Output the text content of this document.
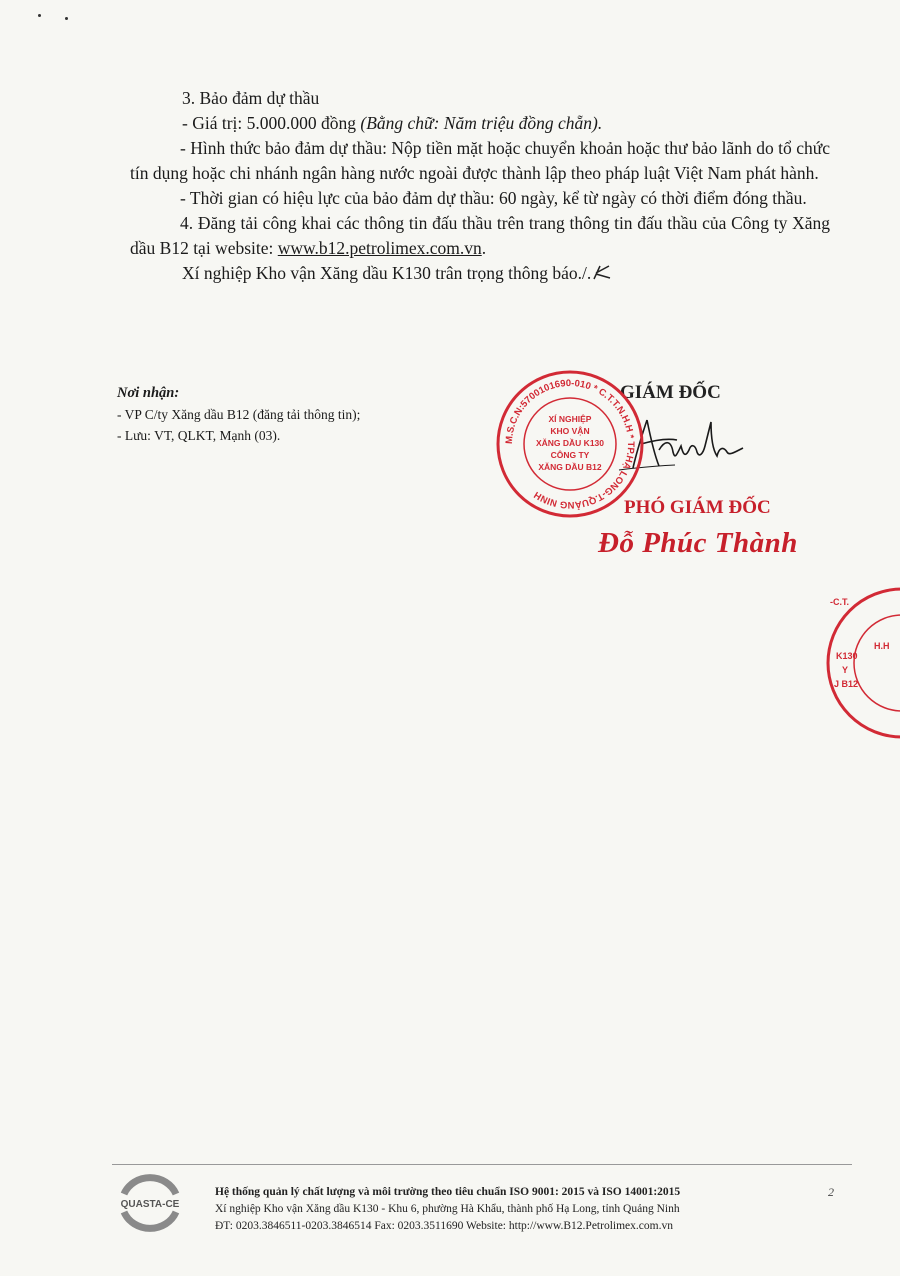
3. Bảo đảm dự thầu

- Giá trị: 5.000.000 đồng (Bằng chữ: Năm triệu đồng chẵn).

- Hình thức bảo đảm dự thầu: Nộp tiền mặt hoặc chuyển khoản hoặc thư bảo lãnh do tổ chức tín dụng hoặc chi nhánh ngân hàng nước ngoài được thành lập theo pháp luật Việt Nam phát hành.

- Thời gian có hiệu lực của bảo đảm dự thầu: 60 ngày, kể từ ngày có thời điểm đóng thầu.

4. Đăng tải công khai các thông tin đấu thầu trên trang thông tin đấu thầu của Công ty Xăng dầu B12 tại website: www.b12.petrolimex.com.vn.

Xí nghiệp Kho vận Xăng dầu K130 trân trọng thông báo./.

Nơi nhận:
- VP C/ty Xăng dầu B12 (đăng tải thông tin);
- Lưu: VT, QLKT, Mạnh (03).
GIÁM ĐỐC
M.S.C.N:5700101690-010 * C.T.T.N.H.H * TP.HẠ LONG-T.QUẢNG NINH
XÍ NGHIỆP
KHO VẬN
XĂNG DẦU K130
CÔNG TY
XĂNG DẦU B12
PHÓ GIÁM ĐỐC
Đỗ Phúc Thành
K130
Y
J B12
-C.T.
H.H
QUASTA-CE
Hệ thống quản lý chất lượng và môi trường theo tiêu chuẩn ISO 9001: 2015 và ISO 14001:2015
Xí nghiệp Kho vận Xăng dầu K130 - Khu 6, phường Hà Khẩu, thành phố Hạ Long, tỉnh Quảng Ninh
ĐT: 0203.3846511-0203.3846514 Fax: 0203.3511690 Website: http://www.B12.Petrolimex.com.vn
2
